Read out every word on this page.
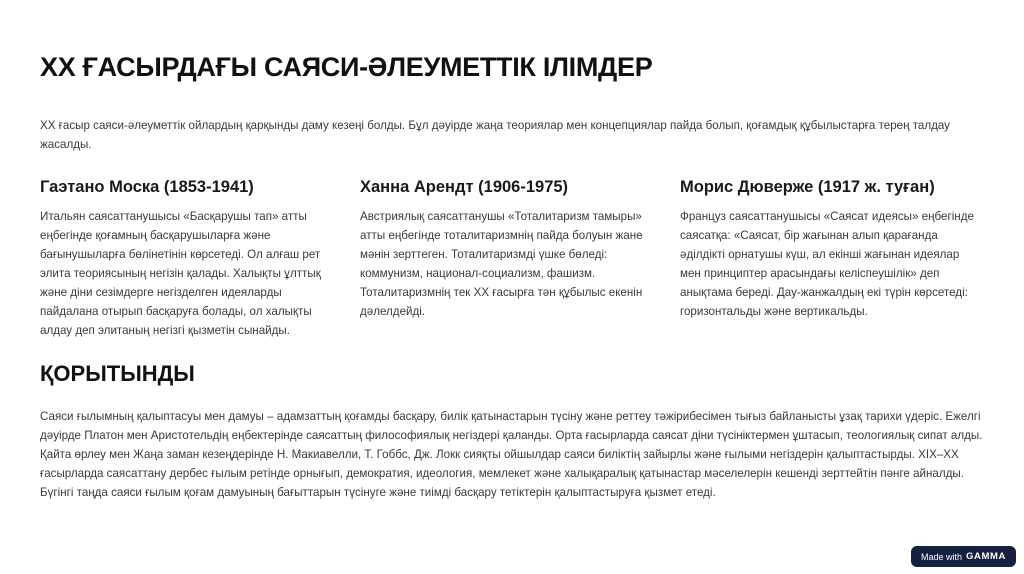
XX ҒАСЫРДАҒЫ САЯСИ-ӘЛЕУМЕТТІК ІЛІМДЕР

XX ғасыр саяси-әлеуметтік ойлардың қарқынды даму кезеңі болды. Бұл дәуірде жаңа теориялар мен концепциялар пайда болып, қоғамдық құбылыстарға терең талдау жасалды.

Гаэтано Моска (1853-1941)

Итальян саясаттанушысы «Басқарушы тап» атты еңбегінде қоғамның басқарушыларға және бағынушыларға бөлінетінін көрсетеді. Ол алғаш рет элита теориясының негізін қалады. Халықты ұлттық және діни сезімдерге негізделген идеяларды пайдалана отырып басқаруға болады, ол халықты алдау деп элитаның негізгі қызметін сынайды.

Ханна Арендт (1906-1975)

Австриялық саясаттанушы «Тоталитаризм тамыры» атты еңбегінде тоталитаризмнің пайда болуын жане мәнін зерттеген. Тоталитаризмді үшке бөледі: коммунизм, национал-социализм, фашизм. Тоталитаризмнің тек XX ғасырға тән құбылыс екенін дәлелдейді.

Морис Дюверже (1917 ж. туған)

Француз саясаттанушысы «Саясат идеясы» еңбегінде саясатқа: «Саясат, бір жағынан алып қарағанда әділдікті орнатушы күш, ал екінші жағынан идеялар мен принциптер арасындағы келіспеушілік» деп анықтама береді. Дау-жанжалдың екі түрін көрсетеді: горизонтальды және вертикальды.

ҚОРЫТЫНДЫ

Саяси ғылымның қалыптасуы мен дамуы – адамзаттың қоғамды басқару, билік қатынастарын түсіну және реттеу тәжірибесімен тығыз байланысты ұзақ тарихи үдеріс. Ежелгі дәуірде Платон мен Аристотельдің еңбектерінде саясаттың философиялық негіздері қаланды. Орта ғасырларда саясат діни түсініктермен ұштасып, теологиялық сипат алды. Қайта өрлеу мен Жаңа заман кезеңдерінде Н. Макиавелли, Т. Гоббс, Дж. Локк сияқты ойшылдар саяси биліктің зайырлы және ғылыми негіздерін қалыптастырды. XIX–XX ғасырларда саясаттану дербес ғылым ретінде орнығып, демократия, идеология, мемлекет және халықаралық қатынастар мәселелерін кешенді зерттейтін пәнге айналды. Бүгінгі таңда саяси ғылым қоғам дамуының бағыттарын түсінуге және тиімді басқару тетіктерін қалыптастыруға қызмет етеді.

Made with GAMMA
